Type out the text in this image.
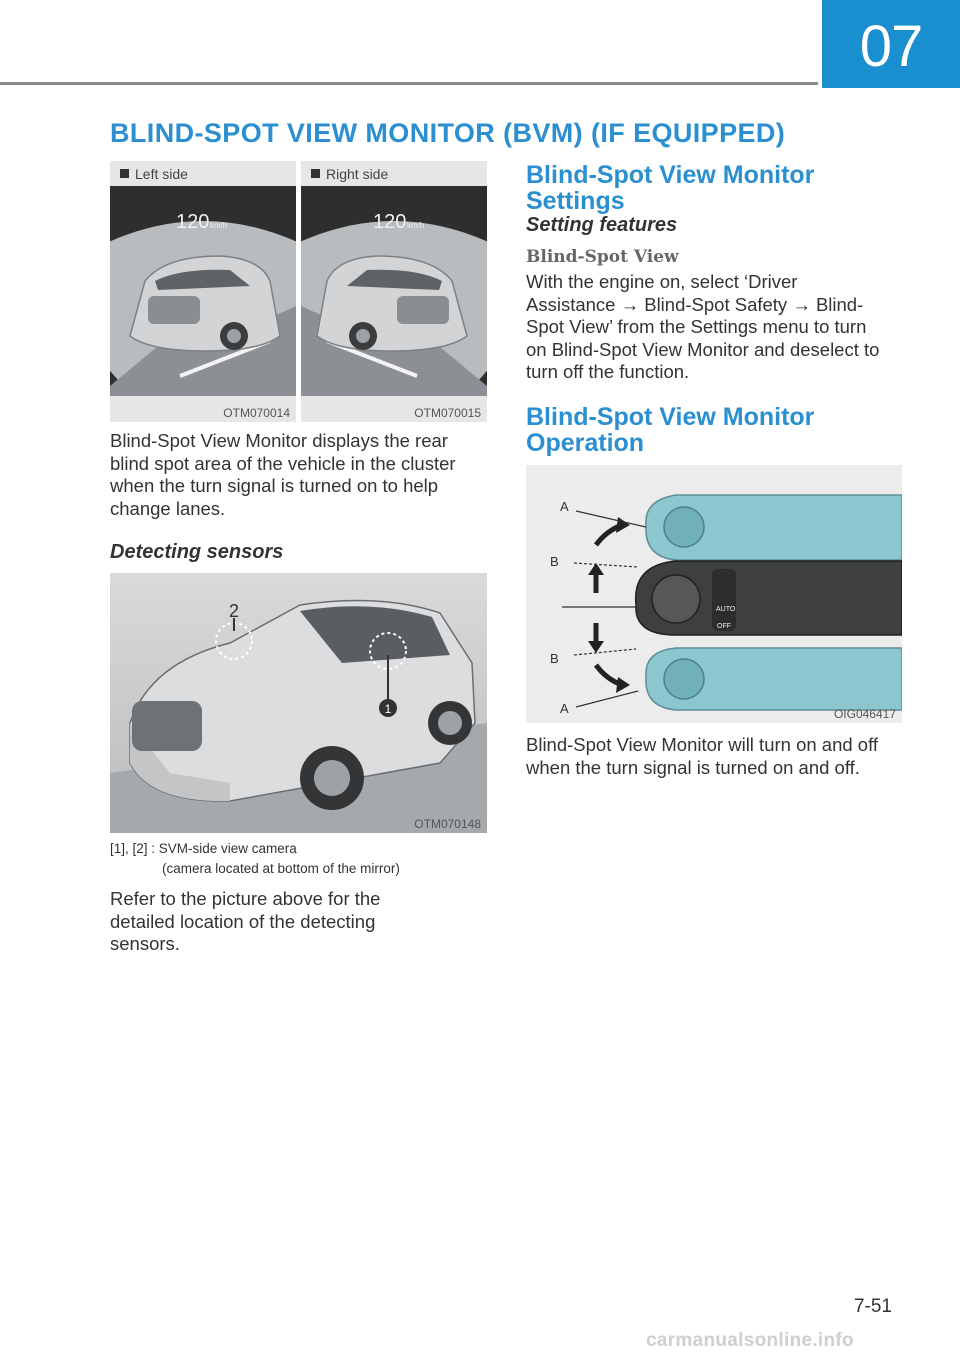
07
BLIND-SPOT VIEW MONITOR (BVM) (IF EQUIPPED)
Left side
120 km/h
OTM070014
Right side
120 km/h
OTM070015
Blind-Spot View Monitor displays the rear blind spot area of the vehicle in the cluster when the turn signal is turned on to help change lanes.
Detecting sensors
1
2
OTM070148
[1], [2] : SVM-side view camera
(camera located at bottom of the mirror)
Refer to the picture above for the detailed location of the detecting sensors.
Blind-Spot View Monitor Settings
Setting features
Blind-Spot View
With the engine on, select ‘Driver Assistance → Blind-Spot Safety → Blind-Spot View’ from the Settings menu to turn on Blind-Spot View Monitor and deselect to turn off the function.
Blind-Spot View Monitor Operation
AUTO
OFF
A
B
B
A	OIG046417
Blind-Spot View Monitor will turn on and off when the turn signal is turned on and off.
7-51
carmanualsonline.info
